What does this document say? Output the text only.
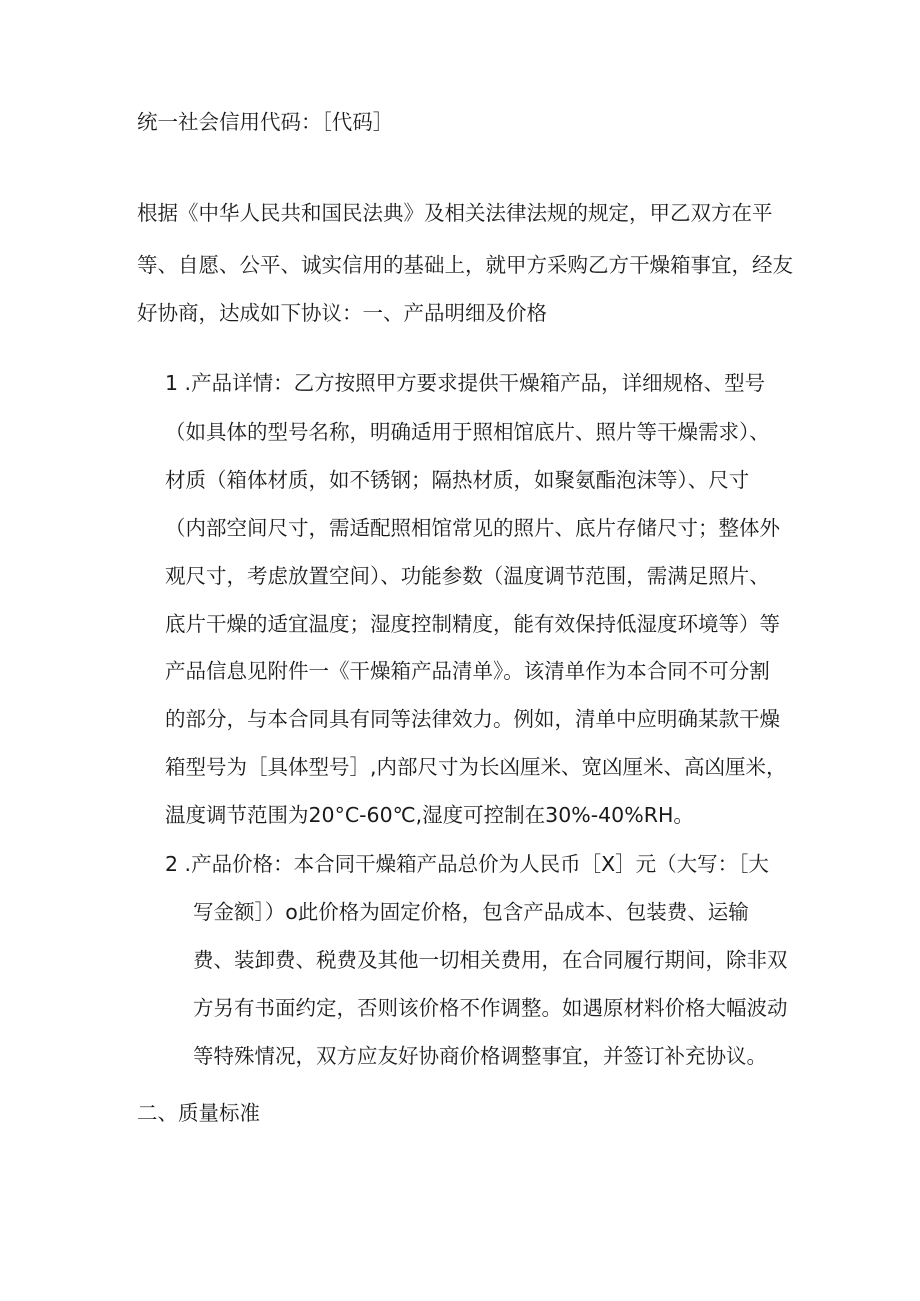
统一社会信用代码：［代码］
根据《中华人民共和国民法典》及相关法律法规的规定，甲乙双方在平
等、自愿、公平、诚实信用的基础上，就甲方采购乙方干燥箱事宜，经友
好协商，达成如下协议：一、产品明细及价格
1 .产品详情：乙方按照甲方要求提供干燥箱产品，详细规格、型号
（如具体的型号名称，明确适用于照相馆底片、照片等干燥需求）、
材质（箱体材质，如不锈钢；隔热材质，如聚氨酯泡沫等）、尺寸
（内部空间尺寸，需适配照相馆常见的照片、底片存储尺寸；整体外
观尺寸，考虑放置空间）、功能参数（温度调节范围，需满足照片、
底片干燥的适宜温度；湿度控制精度，能有效保持低湿度环境等）等
产品信息见附件一《干燥箱产品清单》。该清单作为本合同不可分割
的部分，与本合同具有同等法律效力。例如，清单中应明确某款干燥
箱型号为［具体型号］,内部尺寸为长凶厘米、宽凶厘米、高凶厘米，
温度调节范围为20°C-60℃,湿度可控制在30%-40%RH。
2 .产品价格：本合同干燥箱产品总价为人民币［X］元（大写：［大
写金额］）o此价格为固定价格，包含产品成本、包装费、运输
费、装卸费、税费及其他一切相关费用，在合同履行期间，除非双
方另有书面约定，否则该价格不作调整。如遇原材料价格大幅波动
等特殊情况，双方应友好协商价格调整事宜，并签订补充协议。
二、质量标准
